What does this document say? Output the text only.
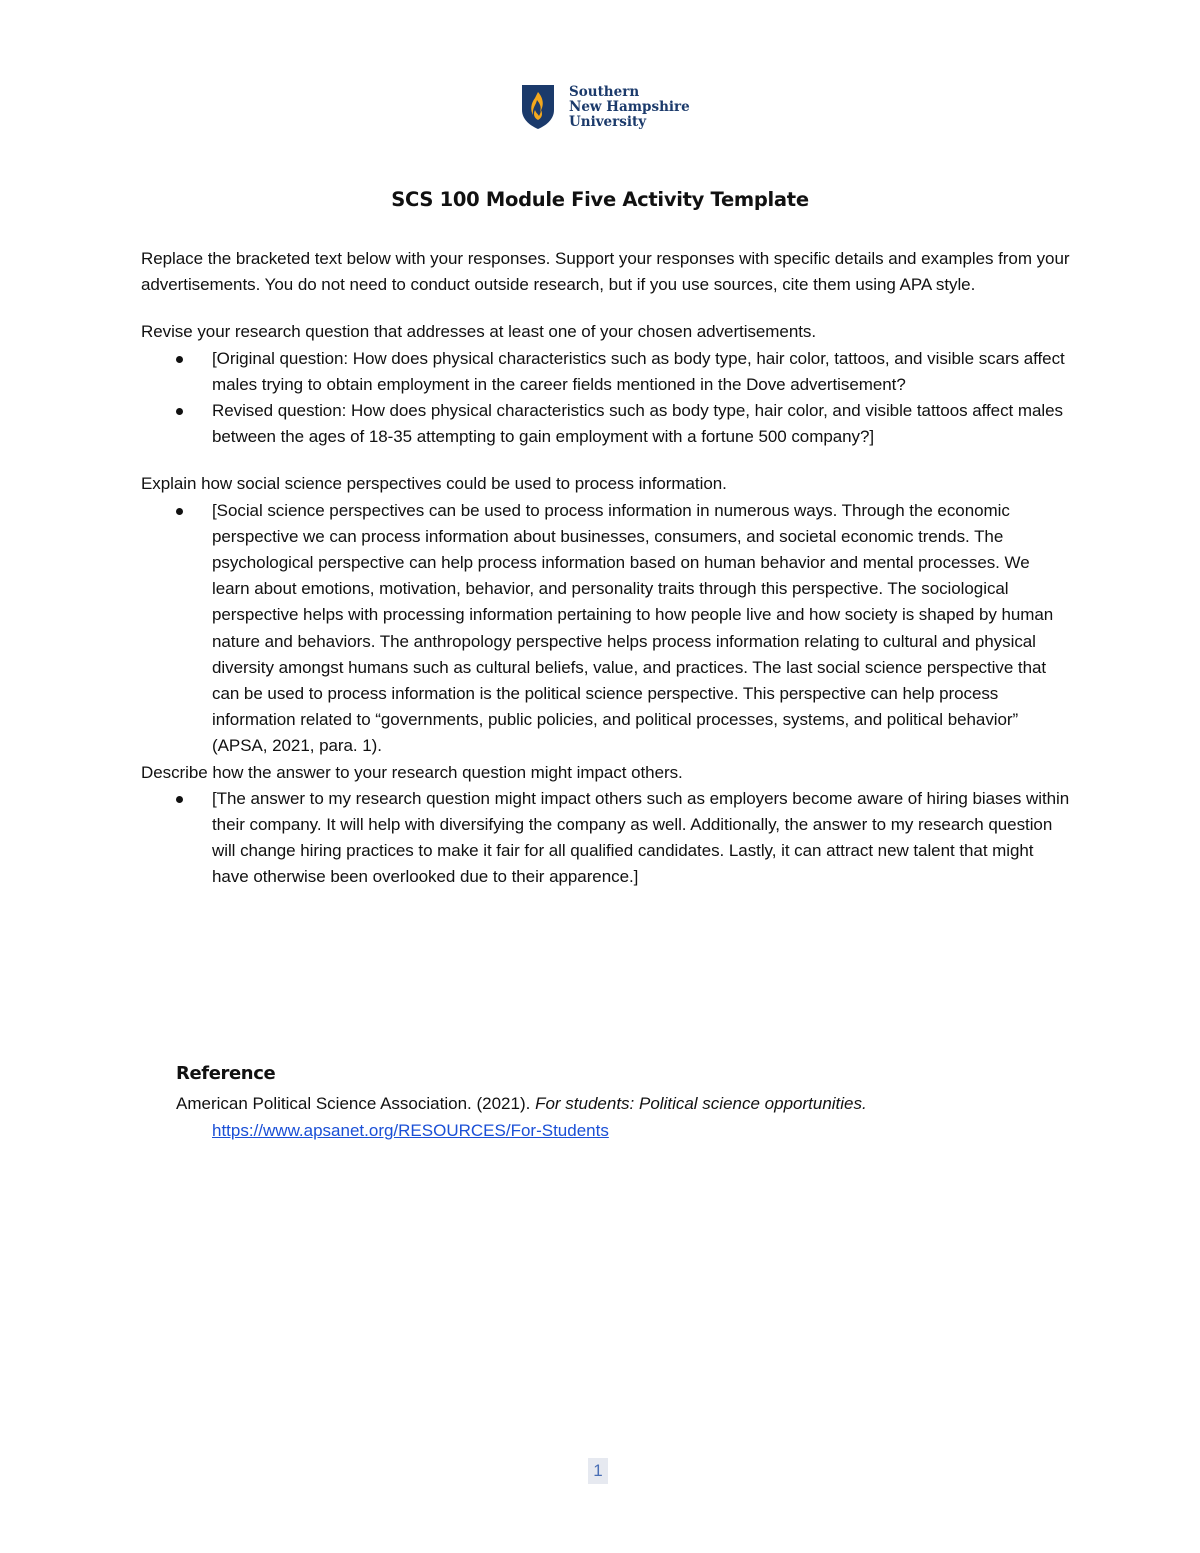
Southern
New Hampshire
University
SCS 100 Module Five Activity Template

Replace the bracketed text below with your responses. Support your responses with specific details and examples from your advertisements. You do not need to conduct outside research, but if you use sources, cite them using APA style.

Revise your research question that addresses at least one of your chosen advertisements.

[Original question: How does physical characteristics such as body type, hair color, tattoos, and visible scars affect males trying to obtain employment in the career fields mentioned in the Dove advertisement?
Revised question: How does physical characteristics such as body type, hair color, and visible tattoos affect males between the ages of 18-35 attempting to gain employment with a fortune 500 company?]

Explain how social science perspectives could be used to process information.

[Social science perspectives can be used to process information in numerous ways. Through the economic perspective we can process information about businesses, consumers, and societal economic trends. The psychological perspective can help process information based on human behavior and mental processes. We learn about emotions, motivation, behavior, and personality traits through this perspective. The sociological perspective helps with processing information pertaining to how people live and how society is shaped by human nature and behaviors. The anthropology perspective helps process information relating to cultural and physical diversity amongst humans such as cultural beliefs, value, and practices. The last social science perspective that can be used to process information is the political science perspective. This perspective can help process information related to “governments, public policies, and political processes, systems, and political behavior” (APSA, 2021, para. 1).

Describe how the answer to your research question might impact others.

[The answer to my research question might impact others such as employers become aware of hiring biases within their company. It will help with diversifying the company as well. Additionally, the answer to my research question will change hiring practices to make it fair for all qualified candidates. Lastly, it can attract new talent that might have otherwise been overlooked due to their apparence.]
Reference
American Political Science Association. (2021). For students: Political science opportunities.
https://www.apsanet.org/RESOURCES/For-Students
1
